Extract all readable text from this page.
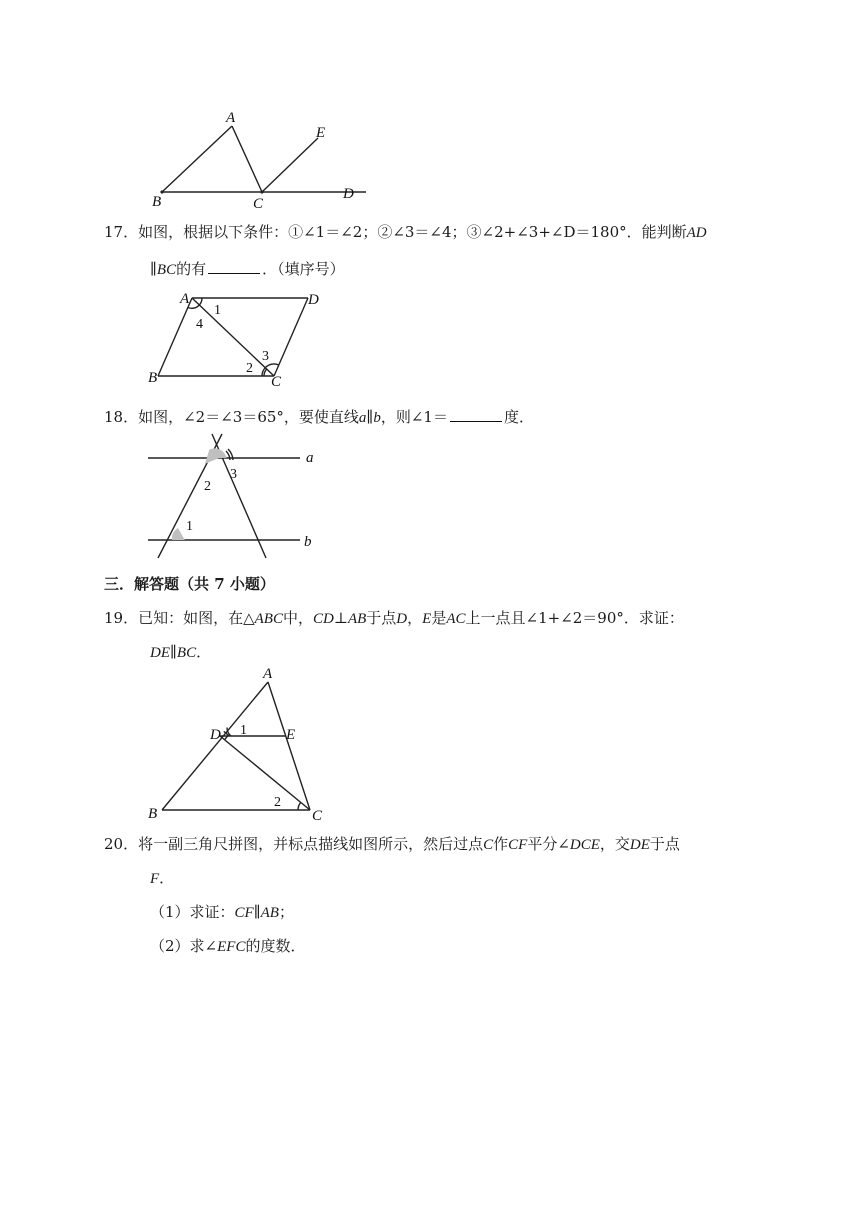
A
B	C
D
E
17．如图，根据以下条件：①∠1＝∠2；②∠3＝∠4；③∠2+∠3+∠D＝180°．能判断AD
∥BC的有	．（填序号）
A
B	C
D
1
2
3
4
18．如图，∠2＝∠3＝65°，要使直线a∥b，则∠1＝	度．
2
3
1
a
b
三．解答题（共 7 小题）
19．已知：如图，在△ABC中，CD⊥AB于点D，E是AC上一点且∠1+∠2＝90°．求证：
DE∥BC．
A
B	C
D	E
1
2
20．将一副三角尺拼图，并标点描线如图所示，然后过点C作CF平分∠DCE，交DE于点
F．
（1）求证：CF∥AB；
（2）求∠EFC的度数．
